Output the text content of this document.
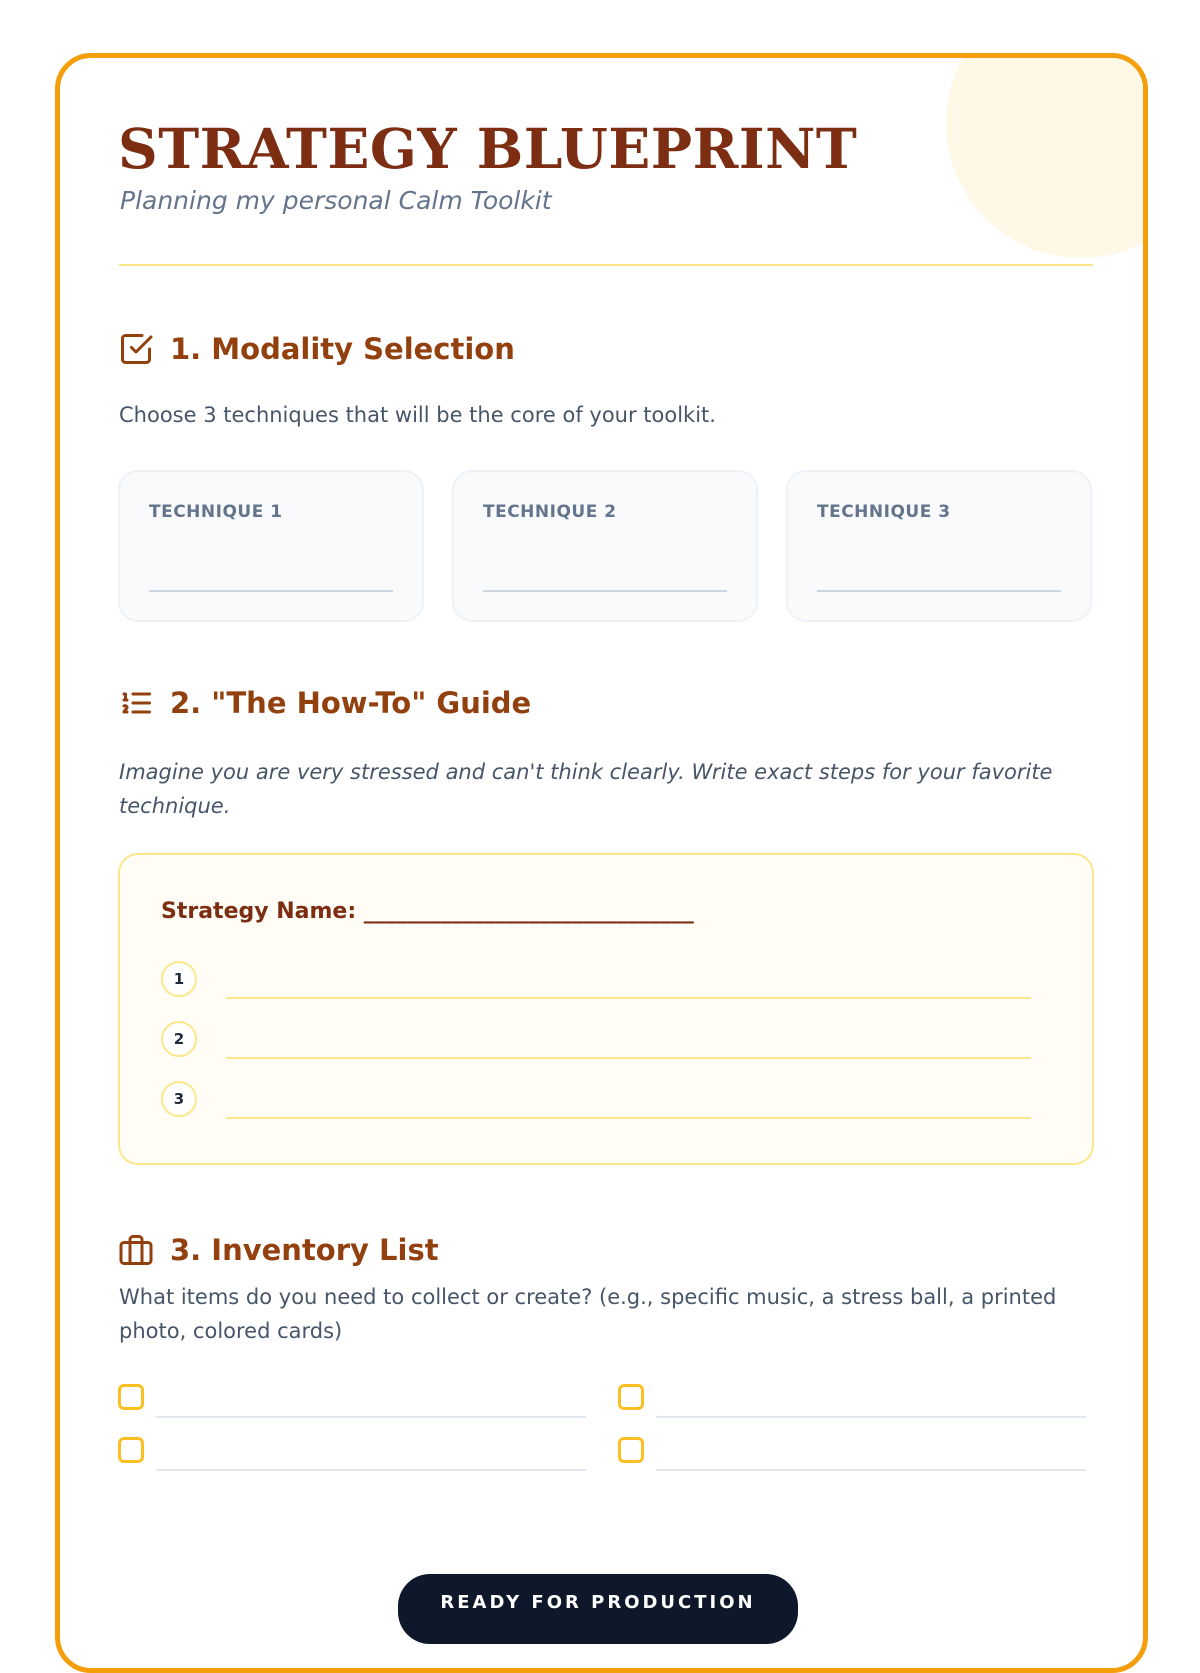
STRATEGY BLUEPRINT
Planning my personal Calm Toolkit
1. Modality Selection
Choose 3 techniques that will be the core of your toolkit.
TECHNIQUE 1	TECHNIQUE 2	TECHNIQUE 3
2. "The How-To" Guide
Imagine you are very stressed and can't think clearly. Write exact steps for your favorite technique.
Strategy Name: ______________________________
1
2
3
3. Inventory List
What items do you need to collect or create? (e.g., specific music, a stress ball, a printed photo, colored cards)
READY FOR PRODUCTION
